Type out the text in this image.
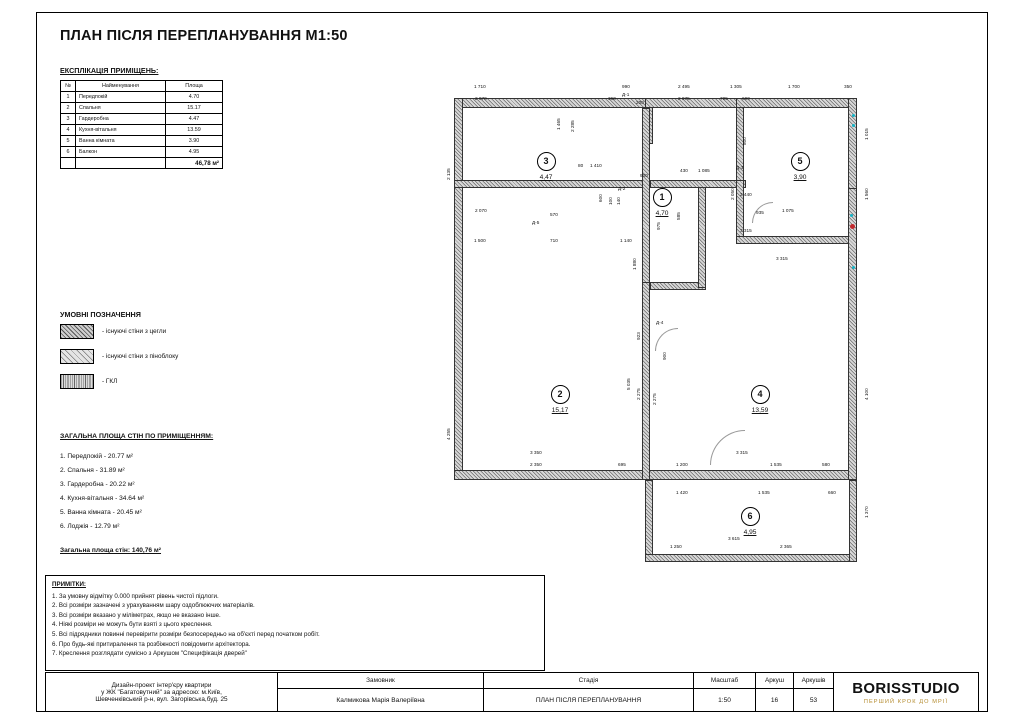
ПЛАН ПІСЛЯ ПЕРЕПЛАНУВАННЯ М1:50
ЕКСПЛІКАЦІЯ ПРИМІЩЕНЬ:
№	Найменування	Площа
1	Передпокій	4.70
2	Спальня	15.17
3	Гардеробна	4.47
4	Кухня-вітальня	13.59
5	Ванна кімната	3.90
6	Балкон	4.95
		46,78 м²
УМОВНІ ПОЗНАЧЕННЯ
- існуючі стіни з цегли
- існуючі стіни з піноблоку
- ГКЛ
ЗАГАЛЬНА ПЛОЩА СТІН ПО ПРИМІЩЕННЯМ:
1. Передпокій - 20.77 м²
2. Спальня - 31.89 м²
3. Гардеробна - 20.22 м²
4. Кухня-вітальня - 34.64 м²
5. Ванна кімната - 20.45 м²
6. Лоджія - 12.79 м²
Загальна площа стін: 140,76 м²
ПРИМІТКИ:
1. За умовну відмітку 0.000 прийнят рівень чистої підлоги.
2. Всі розміри зазначені з урахуванням шару оздоблюючих матеріалів.
3. Всі розміри вказано у міліметрах, якщо не вказано інше.
4. Ніякі розміри не можуть бути взяті з цього креслення.
5. Всі підрядники повинні перевірити розміри безпосередньо на об'єкті перед початком робіт.
6. Про будь-які притиралення та розбіжності повідомити архітектора.
7. Креслення розглядати сумісно з Аркушом "Специфікація дверей"
Дизайн-проект інтер'єру квартири
у ЖК "Багатовутний" за адресою: м.Київ,
Шевченківський р-н, вул. Загорівська,буд. 25
Замовник
Калмикова Марія Валеріївна
Стадія
ПЛАН ПІСЛЯ ПЕРЕПЛАНУВАННЯ
Масштаб
1:50
Аркуш
16
Аркушів
53
BORISSTUDIO
ПЕРШИЙ КРОК ДО МРІЇ
1
4,70
2
15,17
3
4,47
4
13,59
5
3,90
6
4,95
Д-1
Д-2
Д-3
Д-4
Д-5
1 710
2 070	360
200
990	2 495
2 075	705	690
1 305	1 700	350
2 135
4 255
1 015
1 560
4 100
1 370
5 035
923
2 275 2 275
1 880
1 465 2 285
975
585
2 050
800
900
600 100 140
80 1 410
900
430 1 085
2 440
935	1 075
3 315
3 315
2 070
570
1 500	710	1 140
3 350
2 350	695	1 200
3 315
1 535	580
1 420	1 535	660
1 250
3 615
2 365
